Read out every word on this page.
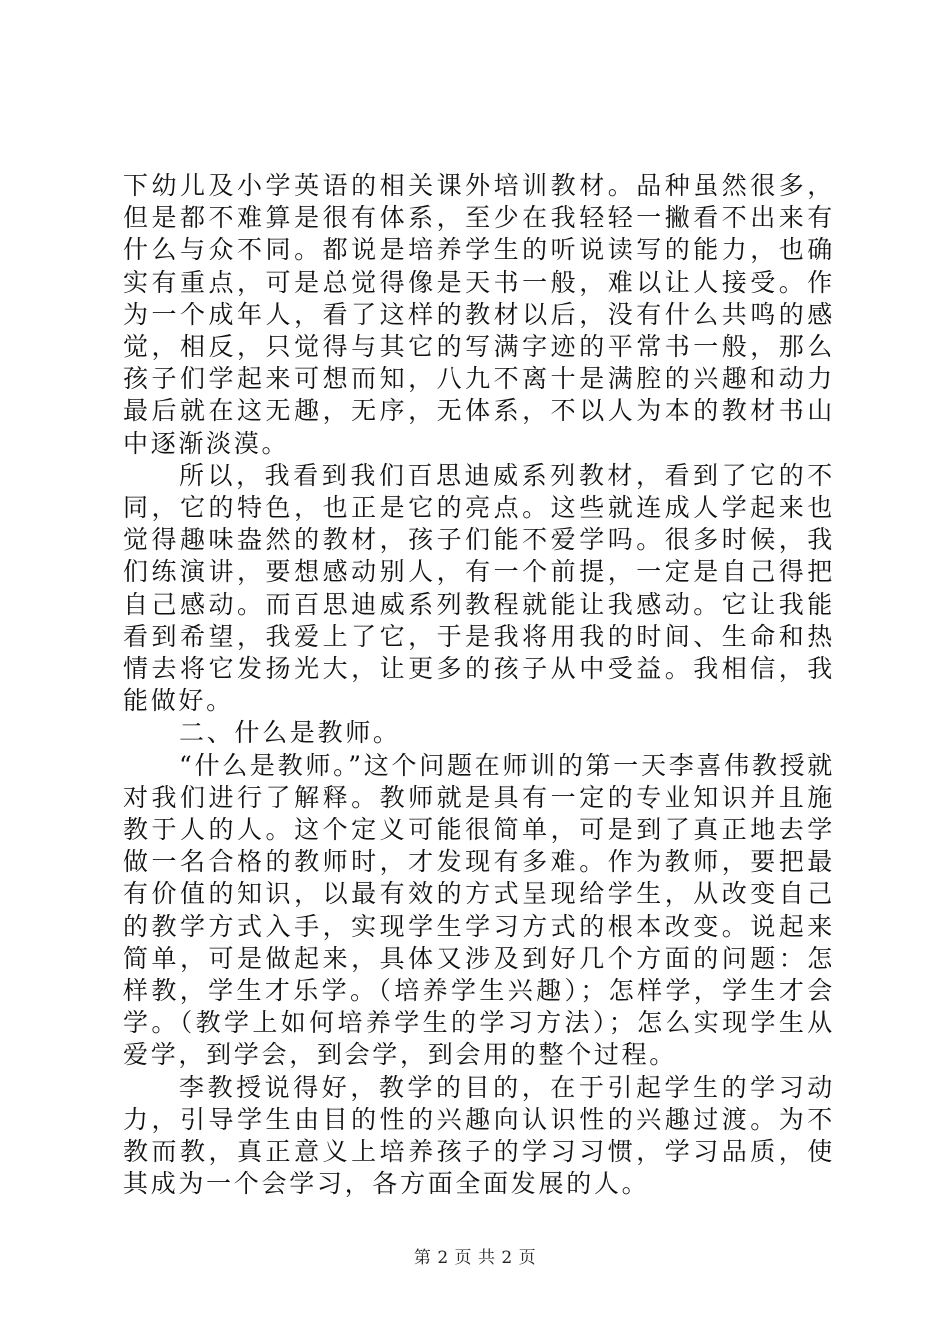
下幼儿及小学英语的相关课外培训教材。品种虽然很多，但是都不难算是很有体系，至少在我轻轻一撇看不出来有什么与众不同。都说是培养学生的听说读写的能力，也确实有重点，可是总觉得像是天书一般，难以让人接受。作为一个成年人，看了这样的教材以后，没有什么共鸣的感觉，相反，只觉得与其它的写满字迹的平常书一般，那么孩子们学起来可想而知，八九不离十是满腔的兴趣和动力最后就在这无趣，无序，无体系，不以人为本的教材书山中逐渐淡漠。

所以，我看到我们百思迪威系列教材，看到了它的不同，它的特色，也正是它的亮点。这些就连成人学起来也觉得趣味盎然的教材，孩子们能不爱学吗。很多时候，我们练演讲，要想感动别人，有一个前提，一定是自己得把自己感动。而百思迪威系列教程就能让我感动。它让我能看到希望，我爱上了它，于是我将用我的时间、生命和热情去将它发扬光大，让更多的孩子从中受益。我相信，我能做好。

二、什么是教师。

“什么是教师。”这个问题在师训的第一天李喜伟教授就对我们进行了解释。教师就是具有一定的专业知识并且施教于人的人。这个定义可能很简单，可是到了真正地去学做一名合格的教师时，才发现有多难。作为教师，要把最有价值的知识，以最有效的方式呈现给学生，从改变自己的教学方式入手，实现学生学习方式的根本改变。说起来简单，可是做起来，具体又涉及到好几个方面的问题：怎样教，学生才乐学。（培养学生兴趣）；怎样学，学生才会学。（教学上如何培养学生的学习方法）；怎么实现学生从爱学，到学会，到会学，到会用的整个过程。

李教授说得好，教学的目的，在于引起学生的学习动力，引导学生由目的性的兴趣向认识性的兴趣过渡。为不教而教，真正意义上培养孩子的学习习惯，学习品质，使其成为一个会学习，各方面全面发展的人。

第 2 页 共 2 页
